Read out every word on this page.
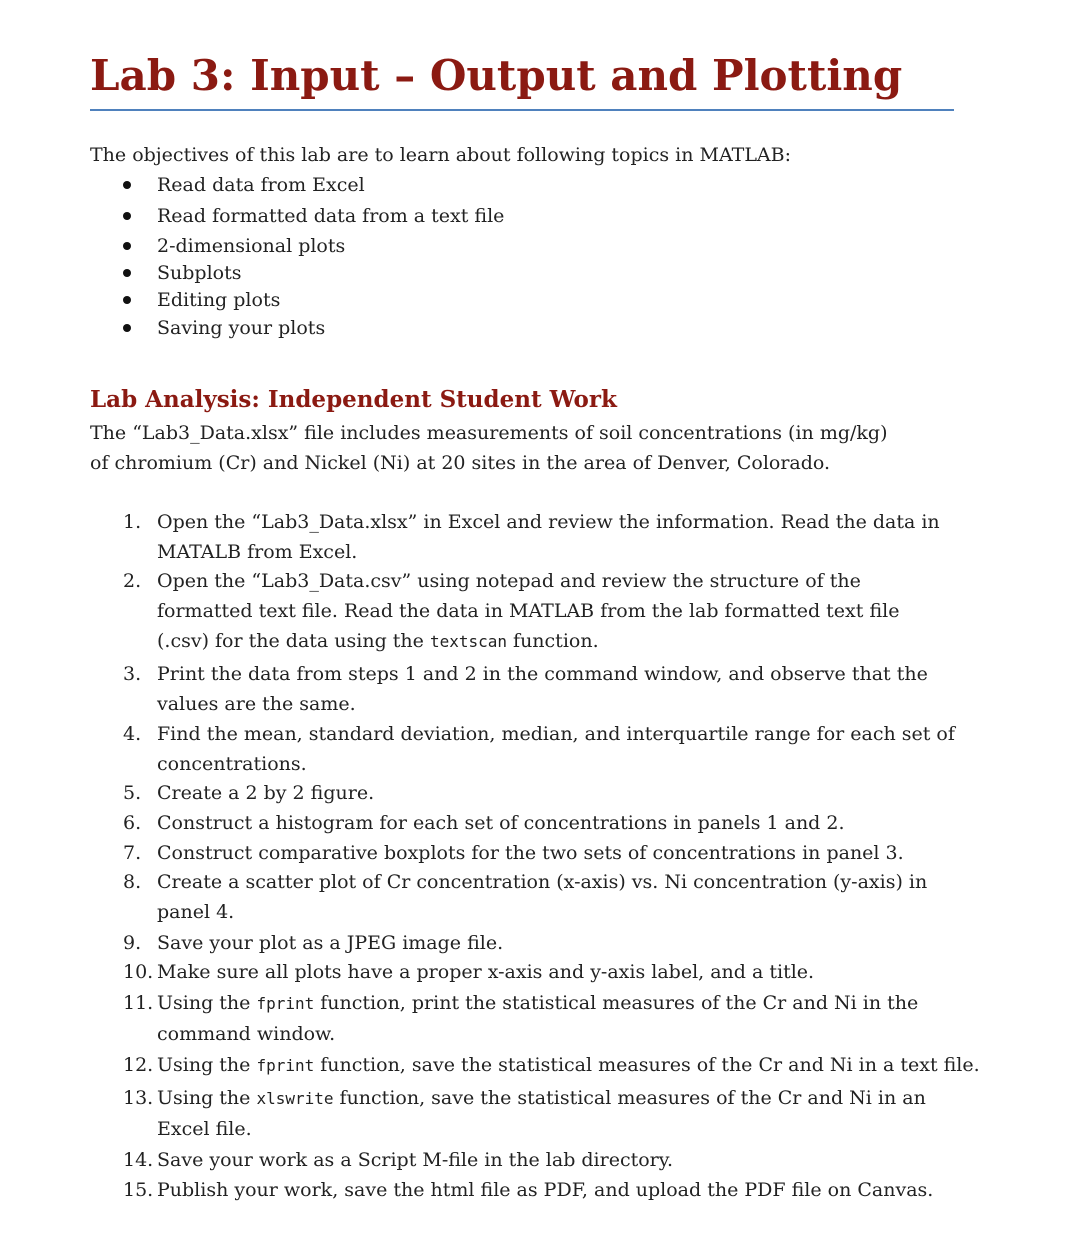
Lab 3: Input – Output and Plotting

The objectives of this lab are to learn about following topics in MATLAB:

Read data from Excel
Read formatted data from a text file
2-dimensional plots
Subplots
Editing plots
Saving your plots
Lab Analysis: Independent Student Work

The “Lab3_Data.xlsx” file includes measurements of soil concentrations (in mg/kg) of chromium (Cr) and Nickel (Ni) at 20 sites in the area of Denver, Colorado.

1. Open the “Lab3_Data.xlsx” in Excel and review the information. Read the data in MATALB from Excel.
2. Open the “Lab3_Data.csv” using notepad and review the structure of the formatted text file. Read the data in MATLAB from the lab formatted text file (.csv) for the data using the textscan function.
3. Print the data from steps 1 and 2 in the command window, and observe that the values are the same.
4. Find the mean, standard deviation, median, and interquartile range for each set of concentrations.
5. Create a 2 by 2 figure.
6. Construct a histogram for each set of concentrations in panels 1 and 2.
7. Construct comparative boxplots for the two sets of concentrations in panel 3.
8. Create a scatter plot of Cr concentration (x-axis) vs. Ni concentration (y-axis) in panel 4.
9. Save your plot as a JPEG image file.
10. Make sure all plots have a proper x-axis and y-axis label, and a title.
11. Using the fprint function, print the statistical measures of the Cr and Ni in the command window.
12. Using the fprint function, save the statistical measures of the Cr and Ni in a text file.
13. Using the xlswrite function, save the statistical measures of the Cr and Ni in an Excel file.
14. Save your work as a Script M-file in the lab directory.
15. Publish your work, save the html file as PDF, and upload the PDF file on Canvas.
